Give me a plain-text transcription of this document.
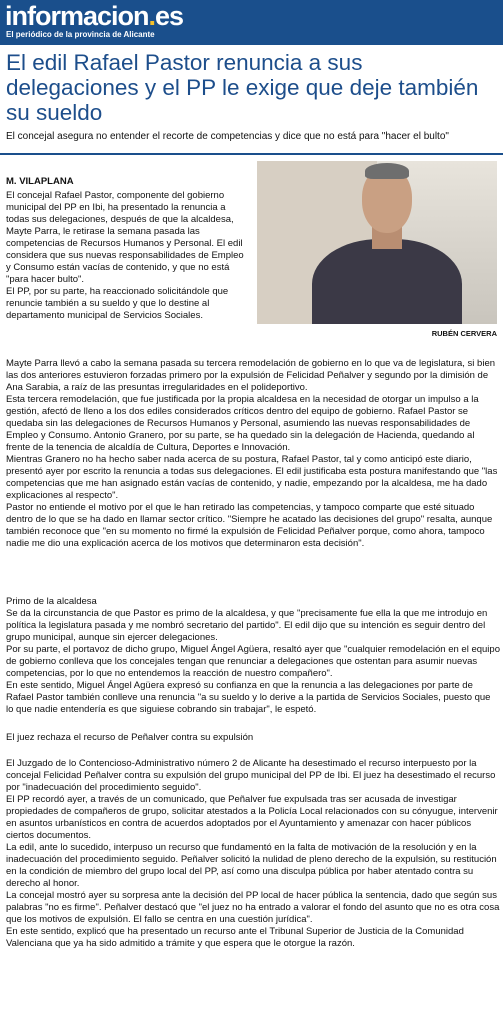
informacion.es
El periódico de la provincia de Alicante
El edil Rafael Pastor renuncia a sus delegaciones y el PP le exige que deje también su sueldo
El concejal asegura no entender el recorte de competencias y dice que no está para "hacer el bulto"
M. VILAPLANA

El concejal Rafael Pastor, componente del gobierno municipal del PP en Ibi, ha presentado la renuncia a todas sus delegaciones, después de que la alcaldesa, Mayte Parra, le retirase la semana pasada las competencias de Recursos Humanos y Personal. El edil considera que sus nuevas responsabilidades de Empleo y Consumo están vacías de contenido, y que no está "para hacer bulto".

El PP, por su parte, ha reaccionado solicitándole que renuncie también a su sueldo y que lo destine al departamento municipal de Servicios Sociales.

RUBÉN CERVERA

Mayte Parra llevó a cabo la semana pasada su tercera remodelación de gobierno en lo que va de legislatura, si bien las dos anteriores estuvieron forzadas primero por la expulsión de Felicidad Peñalver y segundo por la dimisión de Ana Sarabia, a raíz de las presuntas irregularidades en el polideportivo.

Esta tercera remodelación, que fue justificada por la propia alcaldesa en la necesidad de otorgar un impulso a la gestión, afectó de lleno a los dos ediles considerados críticos dentro del equipo de gobierno. Rafael Pastor se quedaba sin las delegaciones de Recursos Humanos y Personal, asumiendo las nuevas responsabilidades de Empleo y Consumo. Antonio Granero, por su parte, se ha quedado sin la delegación de Hacienda, quedando al frente de la tenencia de alcaldía de Cultura, Deportes e Innovación.

Mientras Granero no ha hecho saber nada acerca de su postura, Rafael Pastor, tal y como anticipó este diario, presentó ayer por escrito la renuncia a todas sus delegaciones. El edil justificaba esta postura manifestando que "las competencias que me han asignado están vacías de contenido, y nadie, empezando por la alcaldesa, me ha dado explicaciones al respecto".

Pastor no entiende el motivo por el que le han retirado las competencias, y tampoco comparte que esté situado dentro de lo que se ha dado en llamar sector crítico. "Siempre he acatado las decisiones del grupo" resalta, aunque también reconoce que "en su momento no firmé la expulsión de Felicidad Peñalver porque, como ahora, tampoco nadie me dio una explicación acerca de los motivos que determinaron esta decisión".

Primo de la alcaldesa

Se da la circunstancia de que Pastor es primo de la alcaldesa, y que "precisamente fue ella la que me introdujo en política la legislatura pasada y me nombró secretario del partido". El edil dijo que su intención es seguir dentro del grupo municipal, aunque sin ejercer delegaciones.

Por su parte, el portavoz de dicho grupo, Miguel Ángel Agüera, resaltó ayer que "cualquier remodelación en el equipo de gobierno conlleva que los concejales tengan que renunciar a delegaciones que ostentan para asumir nuevas competencias, por lo que no entendemos la reacción de nuestro compañero".

En este sentido, Miguel Ángel Agüera expresó su confianza en que la renuncia a las delegaciones por parte de Rafael Pastor también conlleve una renuncia "a su sueldo y lo derive a la partida de Servicios Sociales, puesto que lo que nadie entendería es que siguiese cobrando sin trabajar", le espetó.

El juez rechaza el recurso de Peñalver contra su expulsión

El Juzgado de lo Contencioso-Administrativo número 2 de Alicante ha desestimado el recurso interpuesto por la concejal Felicidad Peñalver contra su expulsión del grupo municipal del PP de Ibi. El juez ha desestimado el recurso por "inadecuación del procedimiento seguido".

El PP recordó ayer, a través de un comunicado, que Peñalver fue expulsada tras ser acusada de investigar propiedades de compañeros de grupo, solicitar atestados a la Policía Local relacionados con su cónyugue, intervenir en asuntos urbanísticos en contra de acuerdos adoptados por el Ayuntamiento y amenazar con hacer públicos ciertos documentos.

La edil, ante lo sucedido, interpuso un recurso que fundamentó en la falta de motivación de la resolución y en la inadecuación del procedimiento seguido. Peñalver solicitó la nulidad de pleno derecho de la expulsión, su restitución en la condición de miembro del grupo local del PP, así como una disculpa pública por haber atentado contra su derecho al honor.

La concejal mostró ayer su sorpresa ante la decisión del PP local de hacer pública la sentencia, dado que según sus palabras "no es firme". Peñalver destacó que "el juez no ha entrado a valorar el fondo del asunto que no es otra cosa que los motivos de expulsión. El fallo se centra en una cuestión jurídica".

En este sentido, explicó que ha presentado un recurso ante el Tribunal Superior de Justicia de la Comunidad Valenciana que ya ha sido admitido a trámite y que espera que le otorgue la razón.
